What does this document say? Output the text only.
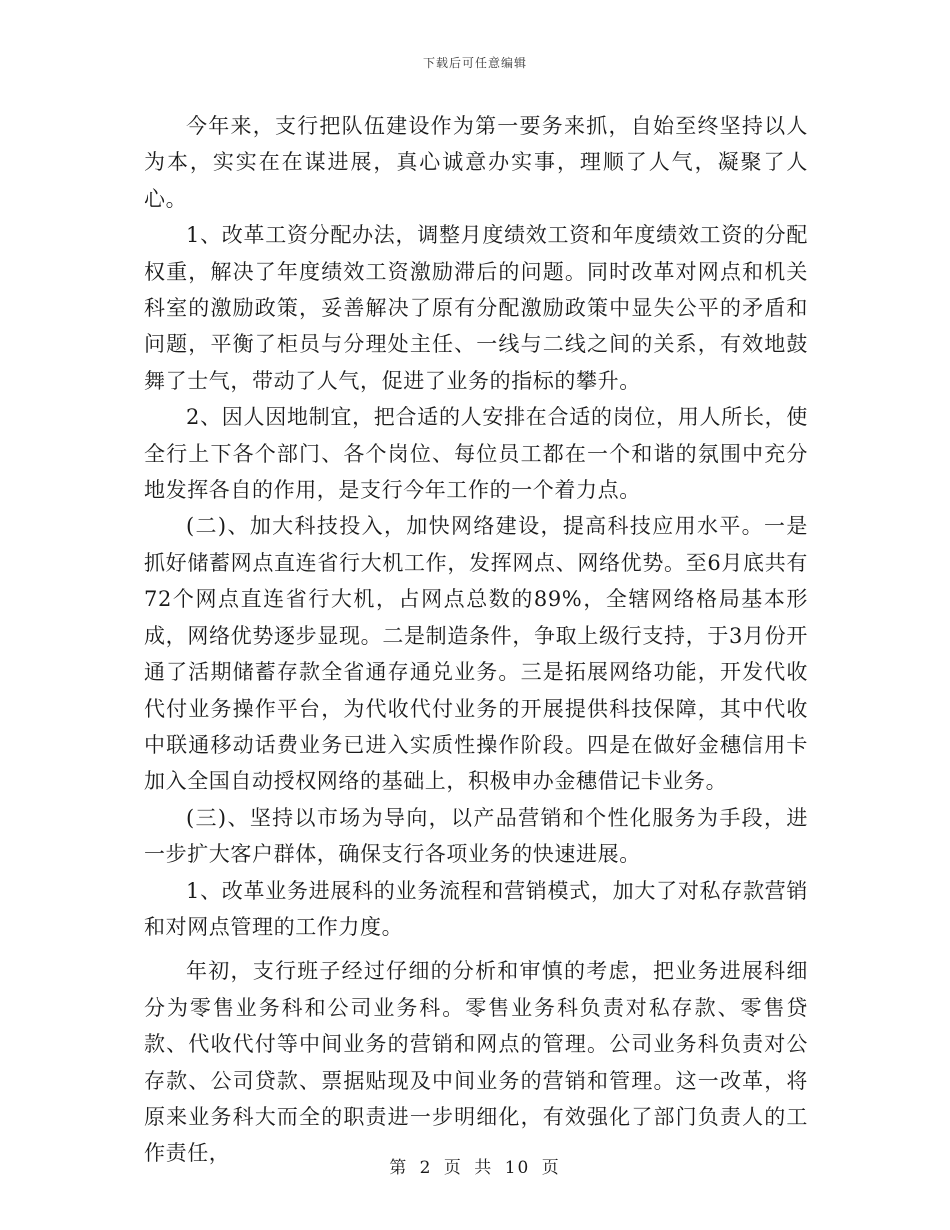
下载后可任意编辑

今年来，支行把队伍建设作为第一要务来抓，自始至终坚持以人为本，实实在在谋进展，真心诚意办实事，理顺了人气，凝聚了人心。

1、改革工资分配办法，调整月度绩效工资和年度绩效工资的分配权重，解决了年度绩效工资激励滞后的问题。同时改革对网点和机关科室的激励政策，妥善解决了原有分配激励政策中显失公平的矛盾和问题，平衡了柜员与分理处主任、一线与二线之间的关系，有效地鼓舞了士气，带动了人气，促进了业务的指标的攀升。

2、因人因地制宜，把合适的人安排在合适的岗位，用人所长，使全行上下各个部门、各个岗位、每位员工都在一个和谐的氛围中充分地发挥各自的作用，是支行今年工作的一个着力点。

(二)、加大科技投入，加快网络建设，提高科技应用水平。一是抓好储蓄网点直连省行大机工作，发挥网点、网络优势。至6月底共有72个网点直连省行大机，占网点总数的89%，全辖网络格局基本形成，网络优势逐步显现。二是制造条件，争取上级行支持，于3月份开通了活期储蓄存款全省通存通兑业务。三是拓展网络功能，开发代收代付业务操作平台，为代收代付业务的开展提供科技保障，其中代收中联通移动话费业务已进入实质性操作阶段。四是在做好金穗信用卡加入全国自动授权网络的基础上，积极申办金穗借记卡业务。

(三)、坚持以市场为导向，以产品营销和个性化服务为手段，进一步扩大客户群体，确保支行各项业务的快速进展。

1、改革业务进展科的业务流程和营销模式，加大了对私存款营销和对网点管理的工作力度。

年初，支行班子经过仔细的分析和审慎的考虑，把业务进展科细分为零售业务科和公司业务科。零售业务科负责对私存款、零售贷款、代收代付等中间业务的营销和网点的管理。公司业务科负责对公存款、公司贷款、票据贴现及中间业务的营销和管理。这一改革，将原来业务科大而全的职责进一步明细化，有效强化了部门负责人的工作责任，

第 2 页 共 10 页
